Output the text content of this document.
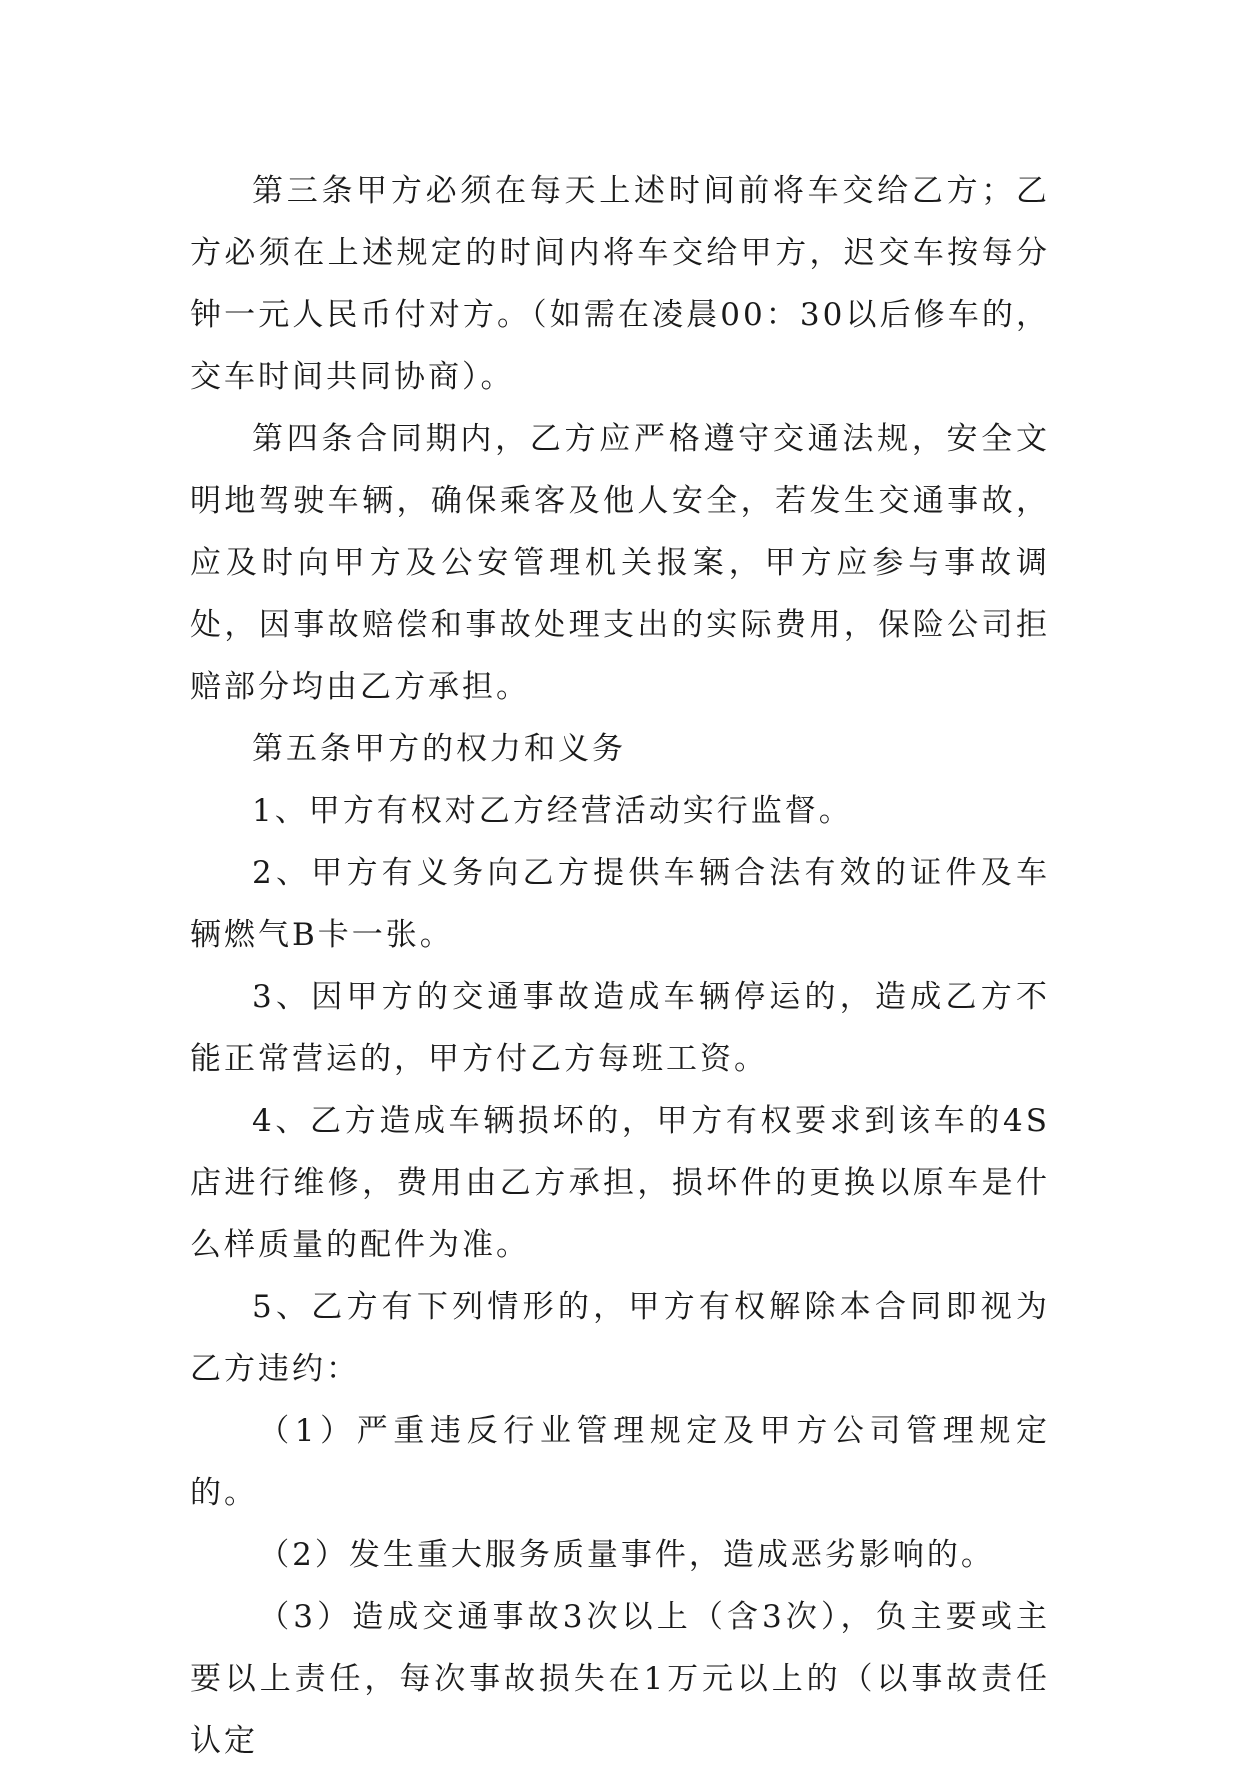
第三条甲方必须在每天上述时间前将车交给乙方；乙方必须在上述规定的时间内将车交给甲方，迟交车按每分钟一元人民币付对方。（如需在凌晨00：30以后修车的，交车时间共同协商）。

第四条合同期内，乙方应严格遵守交通法规，安全文明地驾驶车辆，确保乘客及他人安全，若发生交通事故，应及时向甲方及公安管理机关报案，甲方应参与事故调处，因事故赔偿和事故处理支出的实际费用，保险公司拒赔部分均由乙方承担。

第五条甲方的权力和义务

1、甲方有权对乙方经营活动实行监督。

2、甲方有义务向乙方提供车辆合法有效的证件及车辆燃气B卡一张。

3、因甲方的交通事故造成车辆停运的，造成乙方不能正常营运的，甲方付乙方每班工资。

4、乙方造成车辆损坏的，甲方有权要求到该车的4S店进行维修，费用由乙方承担，损坏件的更换以原车是什么样质量的配件为准。

5、乙方有下列情形的，甲方有权解除本合同即视为乙方违约：

（1）严重违反行业管理规定及甲方公司管理规定的。

（2）发生重大服务质量事件，造成恶劣影响的。

（3）造成交通事故3次以上（含3次），负主要或主要以上责任，每次事故损失在1万元以上的（以事故责任认定
